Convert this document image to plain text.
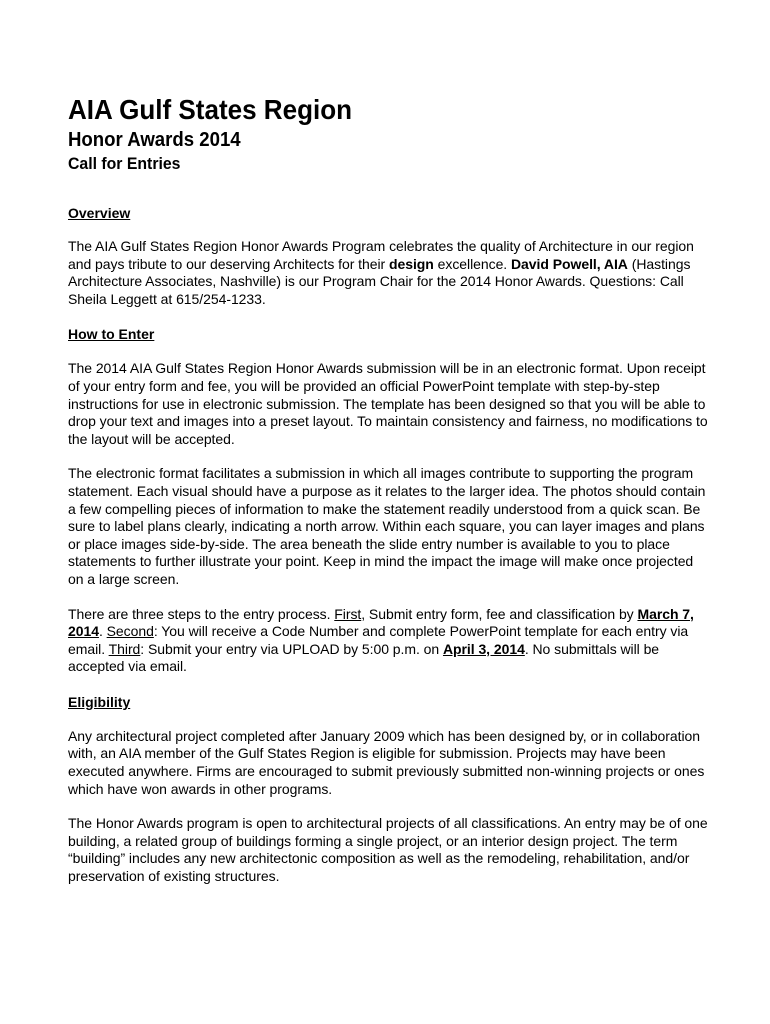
AIA Gulf States Region
Honor Awards 2014
Call for Entries
Overview

The AIA Gulf States Region Honor Awards Program celebrates the quality of Architecture in our region and pays tribute to our deserving Architects for their design excellence. David Powell, AIA (Hastings Architecture Associates, Nashville) is our Program Chair for the 2014 Honor Awards. Questions: Call Sheila Leggett at 615/254-1233.

How to Enter

The 2014 AIA Gulf States Region Honor Awards submission will be in an electronic format. Upon receipt of your entry form and fee, you will be provided an official PowerPoint template with step-by-step instructions for use in electronic submission. The template has been designed so that you will be able to drop your text and images into a preset layout. To maintain consistency and fairness, no modifications to the layout will be accepted.

The electronic format facilitates a submission in which all images contribute to supporting the program statement. Each visual should have a purpose as it relates to the larger idea. The photos should contain a few compelling pieces of information to make the statement readily understood from a quick scan. Be sure to label plans clearly, indicating a north arrow. Within each square, you can layer images and plans or place images side-by-side. The area beneath the slide entry number is available to you to place statements to further illustrate your point. Keep in mind the impact the image will make once projected on a large screen.

There are three steps to the entry process. First, Submit entry form, fee and classification by March 7, 2014. Second: You will receive a Code Number and complete PowerPoint template for each entry via email. Third: Submit your entry via UPLOAD by 5:00 p.m. on April 3, 2014. No submittals will be accepted via email.

Eligibility

Any architectural project completed after January 2009 which has been designed by, or in collaboration with, an AIA member of the Gulf States Region is eligible for submission. Projects may have been executed anywhere. Firms are encouraged to submit previously submitted non-winning projects or ones which have won awards in other programs.

The Honor Awards program is open to architectural projects of all classifications. An entry may be of one building, a related group of buildings forming a single project, or an interior design project. The term “building” includes any new architectonic composition as well as the remodeling, rehabilitation, and/or preservation of existing structures.
